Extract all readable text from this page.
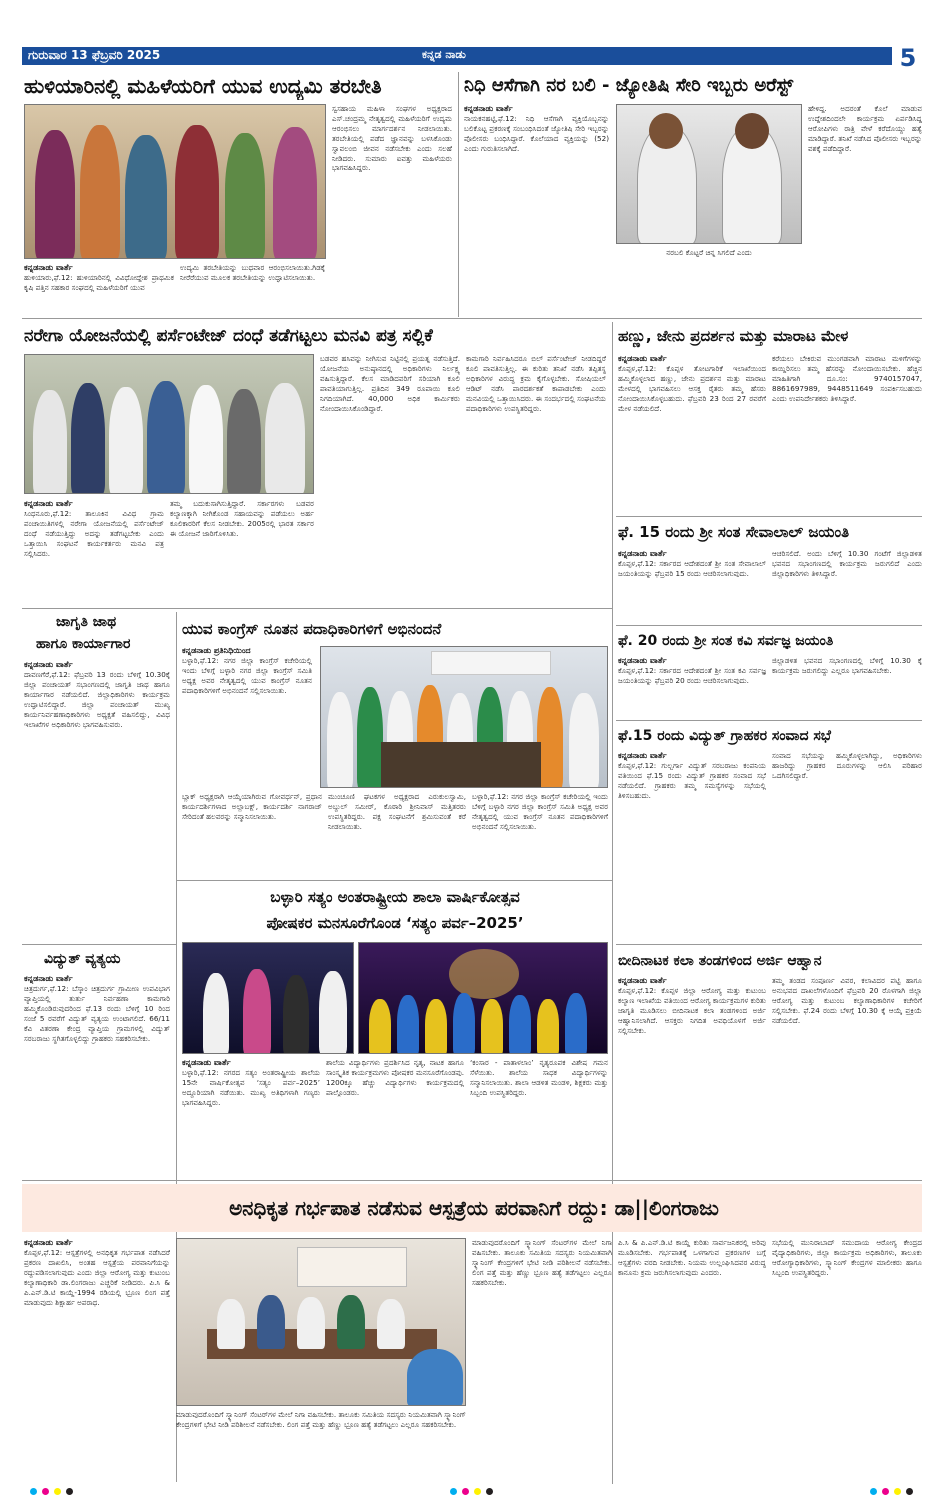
ಗುರುವಾರ 13 ಫೆಬ್ರವರಿ 2025	ಕನ್ನಡ ನಾಡು	5
ಹುಳಿಯಾರಿನಲ್ಲಿ ಮಹಿಳೆಯರಿಗೆ ಯುವ ಉದ್ಯಮಿ ತರಬೇತಿ
ಕನ್ನಡನಾಡು ವಾರ್ತೆ
ಹುಳಿಯಾರು,ಫೆ.12: ಹುಳಿಯಾರಿನಲ್ಲಿ ವಿವಿಧೋದ್ದೇಶ ಪ್ರಾಥಮಿಕ ಕೃಷಿ ಪತ್ತಿನ ಸಹಕಾರ ಸಂಘದಲ್ಲಿ ಮಹಿಳೆಯರಿಗೆ ಯುವ
ಉದ್ಯಮಿ ತರಬೇತಿಯನ್ನು ಬುಧವಾರ ಆರಂಭಿಸಲಾಯಿತು.ಗಿಡಕ್ಕೆ ನೀರೆರೆಯುವ ಮೂಲಕ ತರಬೇತಿಯನ್ನು ಉದ್ಘಾಟಿಸಲಾಯಿತು.
ಸ್ವಸಹಾಯ ಮಹಿಳಾ ಸಂಘಗಳ ಅಧ್ಯಕ್ಷರಾದ ಎಸ್.ಚಂದ್ರಮ್ಮ ನೇತೃತ್ವದಲ್ಲಿ ಮಹಿಳೆಯರಿಗೆ ಉದ್ಯಮ ಆರಂಭಿಸಲು ಮಾರ್ಗದರ್ಶನ ನೀಡಲಾಯಿತು. ತರಬೇತಿಯಲ್ಲಿ ಪಡೆದ ಜ್ಞಾನವನ್ನು ಬಳಸಿಕೊಂಡು ಸ್ವಾವಲಂಬಿ ಜೀವನ ನಡೆಸಬೇಕು ಎಂದು ಸಲಹೆ ನೀಡಿದರು. ಸುಮಾರು ಐವತ್ತು ಮಹಿಳೆಯರು ಭಾಗವಹಿಸಿದ್ದರು.
ನಿಧಿ ಆಸೆಗಾಗಿ ನರ ಬಲಿ - ಜ್ಯೋತಿಷಿ ಸೇರಿ ಇಬ್ಬರು ಅರೆಸ್ಟ್
ಕನ್ನಡನಾಡು ವಾರ್ತೆ
ನಾಯಕನಹಟ್ಟಿ,ಫೆ.12: ನಿಧಿ ಆಸೆಗಾಗಿ ವ್ಯಕ್ತಿಯೊಬ್ಬನನ್ನು ಬಲಿಕೊಟ್ಟ ಪ್ರಕರಣಕ್ಕೆ ಸಂಬಂಧಿಸಿದಂತೆ ಜ್ಯೋತಿಷಿ ಸೇರಿ ಇಬ್ಬರನ್ನು ಪೊಲೀಸರು ಬಂಧಿಸಿದ್ದಾರೆ. ಕೊಲೆಯಾದ ವ್ಯಕ್ತಿಯನ್ನು (52) ಎಂದು ಗುರುತಿಸಲಾಗಿದೆ.
ನರಬಲಿ ಕೊಟ್ಟರೆ ಚಿನ್ನ ಸಿಗಲಿದೆ ಎಂದು
ಹೇಳಿದ್ದ. ಅದರಂತೆ ಕೊಲೆ ಮಾಡುವ ಉದ್ದೇಶದಿಂದಲೇ ಕಾರ್ಯಕ್ರಮ ಏರ್ಪಡಿಸಿದ್ದ ಆರೋಪಿಗಳು ರಾತ್ರಿ ವೇಳೆ ಕರೆದೊಯ್ದು ಹತ್ಯೆ ಮಾಡಿದ್ದಾರೆ. ತನಿಖೆ ನಡೆಸಿದ ಪೊಲೀಸರು ಇಬ್ಬರನ್ನು ವಶಕ್ಕೆ ಪಡೆದಿದ್ದಾರೆ.
ನರೇಗಾ ಯೋಜನೆಯಲ್ಲಿ ಪರ್ಸೆಂಟೇಜ್ ದಂಧೆ ತಡೆಗಟ್ಟಲು ಮನವಿ ಪತ್ರ ಸಲ್ಲಿಕೆ
ಕನ್ನಡನಾಡು ವಾರ್ತೆ
ಸಿಂಧನೂರು,ಫೆ.12: ತಾಲೂಕಿನ ವಿವಿಧ ಗ್ರಾಮ ಪಂಚಾಯಿತಿಗಳಲ್ಲಿ ನರೇಗಾ ಯೋಜನೆಯಲ್ಲಿ ಪರ್ಸೆಂಟೇಜ್ ದಂಧೆ ನಡೆಯುತ್ತಿದ್ದು ಅದನ್ನು ತಡೆಗಟ್ಟಬೇಕು ಎಂದು ಒತ್ತಾಯಿಸಿ ಸಂಘಟನೆ ಕಾರ್ಯಕರ್ತರು ಮನವಿ ಪತ್ರ ಸಲ್ಲಿಸಿದರು.
ತಮ್ಮ ಬದುಕುಸಾಗಿಸುತ್ತಿದ್ದಾರೆ. ಸರ್ಕಾರಗಳು ಬಡವರ ಕಲ್ಯಾಣಕ್ಕಾಗಿ ನೀಗಿಕೊಂಡ ಸಹಾಯವನ್ನು ಪಡೆಯಲು ಅರ್ಹ ಕೂಲಿಕಾರರಿಗೆ ಕೆಲಸ ನೀಡಬೇಕು. 2005ರಲ್ಲಿ ಭಾರತ ಸರ್ಕಾರ ಈ ಯೋಜನೆ ಜಾರಿಗೊಳಿಸಿತು.
ಬಡವರ ಹಸಿವನ್ನು ನೀಗಿಸುವ ನಿಟ್ಟಿನಲ್ಲಿ ಪ್ರಯತ್ನ ನಡೆಸುತ್ತಿದೆ. ಯೋಜನೆಯ ಅನುಷ್ಠಾನದಲ್ಲಿ ಅಧಿಕಾರಿಗಳು ನಿರ್ಲಕ್ಷ್ಯ ವಹಿಸುತ್ತಿದ್ದಾರೆ. ಕೆಲಸ ಮಾಡಿದವರಿಗೆ ಸರಿಯಾಗಿ ಕೂಲಿ ಪಾವತಿಯಾಗುತ್ತಿಲ್ಲ. ಪ್ರತಿದಿನ 349 ರೂಪಾಯಿ ಕೂಲಿ ನಿಗದಿಯಾಗಿದೆ. 40,000 ಅಧಿಕ ಕಾರ್ಮಿಕರು ನೋಂದಾಯಿಸಿಕೊಂಡಿದ್ದಾರೆ.
ಕಾಮಗಾರಿ ನಿರ್ವಹಿಸಿದರೂ ಬಿಲ್ ಪರ್ಸೆಂಟೇಜ್ ನೀಡದಿದ್ದರೆ ಕೂಲಿ ಪಾವತಿಸುತ್ತಿಲ್ಲ. ಈ ಕುರಿತು ತನಿಖೆ ನಡೆಸಿ ತಪ್ಪಿತಸ್ಥ ಅಧಿಕಾರಿಗಳ ವಿರುದ್ಧ ಕ್ರಮ ಕೈಗೊಳ್ಳಬೇಕು. ಸೋಷಿಯಲ್ ಆಡಿಟ್ ನಡೆಸಿ ಪಾರದರ್ಶಕತೆ ಕಾಪಾಡಬೇಕು ಎಂದು ಮನವಿಯಲ್ಲಿ ಒತ್ತಾಯಿಸಿದರು. ಈ ಸಂದರ್ಭದಲ್ಲಿ ಸಂಘಟನೆಯ ಪದಾಧಿಕಾರಿಗಳು ಉಪಸ್ಥಿತರಿದ್ದರು.
ಹಣ್ಣು, ಜೇನು ಪ್ರದರ್ಶನ ಮತ್ತು ಮಾರಾಟ ಮೇಳ
ಕನ್ನಡನಾಡು ವಾರ್ತೆ
ಕೊಪ್ಪಳ,ಫೆ.12: ಕೊಪ್ಪಳ ತೋಟಗಾರಿಕೆ ಇಲಾಖೆಯಿಂದ ಹಮ್ಮಿಕೊಳ್ಳಲಾದ ಹಣ್ಣು, ಜೇನು ಪ್ರದರ್ಶನ ಮತ್ತು ಮಾರಾಟ ಮೇಳದಲ್ಲಿ ಭಾಗವಹಿಸಲು ಆಸಕ್ತ ರೈತರು ತಮ್ಮ ಹೆಸರು ನೋಂದಾಯಿಸಿಕೊಳ್ಳಬಹುದು. ಫೆಬ್ರವರಿ 23 ರಿಂದ 27 ರವರೆಗೆ ಮೇಳ ನಡೆಯಲಿದೆ.
ಕರೆಯಲು ಬೇಕಿರುವ ಮುಂಗಡವಾಗಿ ಮಾರಾಟ ಮಳಿಗೆಗಳನ್ನು ಕಾಯ್ದಿರಿಸಲು ತಮ್ಮ ಹೆಸರನ್ನು ನೋಂದಾಯಿಸಬೇಕು. ಹೆಚ್ಚಿನ ಮಾಹಿತಿಗಾಗಿ ದೂ.ಸಂ: 9740157047, 8861697989, 9448511649 ಸಂಪರ್ಕಿಸಬಹುದು ಎಂದು ಉಪನಿರ್ದೇಶಕರು ತಿಳಿಸಿದ್ದಾರೆ.
ಫೆ. 15 ರಂದು ಶ್ರೀ ಸಂತ ಸೇವಾಲಾಲ್ ಜಯಂತಿ
ಕನ್ನಡನಾಡು ವಾರ್ತೆ
ಕೊಪ್ಪಳ,ಫೆ.12: ಸರ್ಕಾರದ ಆದೇಶದಂತೆ ಶ್ರೀ ಸಂತ ಸೇವಾಲಾಲ್ ಜಯಂತಿಯನ್ನು ಫೆಬ್ರವರಿ 15 ರಂದು ಆಚರಿಸಲಾಗುವುದು.
ಆಚರಿಸಲಿದೆ. ಅಂದು ಬೆಳಿಗ್ಗೆ 10.30 ಗಂಟೆಗೆ ಜಿಲ್ಲಾಡಳಿತ ಭವನದ ಸಭಾಂಗಣದಲ್ಲಿ ಕಾರ್ಯಕ್ರಮ ಜರುಗಲಿದೆ ಎಂದು ಜಿಲ್ಲಾಧಿಕಾರಿಗಳು ತಿಳಿಸಿದ್ದಾರೆ.
ಫೆ. 20 ರಂದು ಶ್ರೀ ಸಂತ ಕವಿ ಸರ್ವಜ್ಞ ಜಯಂತಿ
ಕನ್ನಡನಾಡು ವಾರ್ತೆ
ಕೊಪ್ಪಳ,ಫೆ.12: ಸರ್ಕಾರದ ಆದೇಶದಂತೆ ಶ್ರೀ ಸಂತ ಕವಿ ಸರ್ವಜ್ಞ ಜಯಂತಿಯನ್ನು ಫೆಬ್ರವರಿ 20 ರಂದು ಆಚರಿಸಲಾಗುವುದು.
ಜಿಲ್ಲಾಡಳಿತ ಭವನದ ಸಭಾಂಗಣದಲ್ಲಿ ಬೆಳಿಗ್ಗೆ 10.30 ಕ್ಕೆ ಕಾರ್ಯಕ್ರಮ ಜರುಗಲಿದ್ದು ಎಲ್ಲರೂ ಭಾಗವಹಿಸಬೇಕು.
ಫೆ.15 ರಂದು ವಿದ್ಯುತ್ ಗ್ರಾಹಕರ ಸಂವಾದ ಸಭೆ
ಕನ್ನಡನಾಡು ವಾರ್ತೆ
ಕೊಪ್ಪಳ,ಫೆ.12: ಗುಲ್ಬರ್ಗಾ ವಿದ್ಯುತ್ ಸರಬರಾಜು ಕಂಪನಿಯ ವತಿಯಿಂದ ಫೆ.15 ರಂದು ವಿದ್ಯುತ್ ಗ್ರಾಹಕರ ಸಂವಾದ ಸಭೆ ನಡೆಯಲಿದೆ. ಗ್ರಾಹಕರು ತಮ್ಮ ಸಮಸ್ಯೆಗಳನ್ನು ಸಭೆಯಲ್ಲಿ ತಿಳಿಸಬಹುದು.
ಸಂವಾದ ಸಭೆಯನ್ನು ಹಮ್ಮಿಕೊಳ್ಳಲಾಗಿದ್ದು, ಅಧಿಕಾರಿಗಳು ಹಾಜರಿದ್ದು ಗ್ರಾಹಕರ ದೂರುಗಳನ್ನು ಆಲಿಸಿ ಪರಿಹಾರ ಒದಗಿಸಲಿದ್ದಾರೆ.
ಜಾಗೃತಿ ಜಾಥ
ಹಾಗೂ ಕಾರ್ಯಾಗಾರ
ಕನ್ನಡನಾಡು ವಾರ್ತೆ
ದಾವಣಗೆರೆ,ಫೆ.12: ಫೆಬ್ರವರಿ 13 ರಂದು ಬೆಳಿಗ್ಗೆ 10.30ಕ್ಕೆ ಜಿಲ್ಲಾ ಪಂಚಾಯತ್ ಸಭಾಂಗಣದಲ್ಲಿ ಜಾಗೃತಿ ಜಾಥ ಹಾಗೂ ಕಾರ್ಯಾಗಾರ ನಡೆಯಲಿದೆ. ಜಿಲ್ಲಾಧಿಕಾರಿಗಳು ಕಾರ್ಯಕ್ರಮ ಉದ್ಘಾಟಿಸಲಿದ್ದಾರೆ. ಜಿಲ್ಲಾ ಪಂಚಾಯತ್ ಮುಖ್ಯ ಕಾರ್ಯನಿರ್ವಹಣಾಧಿಕಾರಿಗಳು ಅಧ್ಯಕ್ಷತೆ ವಹಿಸಲಿದ್ದು, ವಿವಿಧ ಇಲಾಖೆಗಳ ಅಧಿಕಾರಿಗಳು ಭಾಗವಹಿಸುವರು.
ಯುವ ಕಾಂಗ್ರೆಸ್ ನೂತನ ಪದಾಧಿಕಾರಿಗಳಿಗೆ ಅಭಿನಂದನೆ
ಕನ್ನಡನಾಡು ಪ್ರತಿನಿಧಿಯಿಂದ
ಬಳ್ಳಾರಿ,ಫೆ.12: ನಗರ ಜಿಲ್ಲಾ ಕಾಂಗ್ರೆಸ್ ಕಚೇರಿಯಲ್ಲಿ ಇಂದು ಬೆಳಿಗ್ಗೆ ಬಳ್ಳಾರಿ ನಗರ ಜಿಲ್ಲಾ ಕಾಂಗ್ರೆಸ್ ಸಮಿತಿ ಅಧ್ಯಕ್ಷ ಅವರ ನೇತೃತ್ವದಲ್ಲಿ ಯುವ ಕಾಂಗ್ರೆಸ್ ನೂತನ ಪದಾಧಿಕಾರಿಗಳಿಗೆ ಅಭಿನಂದನೆ ಸಲ್ಲಿಸಲಾಯಿತು.
ಬ್ಲಾಕ್ ಅಧ್ಯಕ್ಷರಾಗಿ ಆಯ್ಕೆಯಾಗಿರುವ ಗೋವರ್ಧನ್, ಪ್ರಧಾನ ಕಾರ್ಯದರ್ಶಿಗಳಾದ ಅಲ್ಲಾಬಕ್ಷ್, ಕಾರ್ಯದರ್ಶಿ ನಾಗರಾಜ್ ಸೇರಿದಂತೆ ಹಲವರನ್ನು ಸನ್ಮಾನಿಸಲಾಯಿತು.
ಮುಂಚೂಣಿ ಘಟಕಗಳ ಅಧ್ಯಕ್ಷರಾದ ಎರುಕುಲಸ್ವಾಮಿ, ಅಬ್ದುಲ್ ಸಮೀರ್, ಕೊಠಾರಿ ಶ್ರೀನಿವಾಸ್ ಮತ್ತಿತರರು ಉಪಸ್ಥಿತರಿದ್ದರು. ಪಕ್ಷ ಸಂಘಟನೆಗೆ ಶ್ರಮಿಸುವಂತೆ ಕರೆ ನೀಡಲಾಯಿತು.
ಬಳ್ಳಾರಿ,ಫೆ.12: ನಗರ ಜಿಲ್ಲಾ ಕಾಂಗ್ರೆಸ್ ಕಚೇರಿಯಲ್ಲಿ ಇಂದು ಬೆಳಿಗ್ಗೆ ಬಳ್ಳಾರಿ ನಗರ ಜಿಲ್ಲಾ ಕಾಂಗ್ರೆಸ್ ಸಮಿತಿ ಅಧ್ಯಕ್ಷ ಅವರ ನೇತೃತ್ವದಲ್ಲಿ ಯುವ ಕಾಂಗ್ರೆಸ್ ನೂತನ ಪದಾಧಿಕಾರಿಗಳಿಗೆ ಅಭಿನಂದನೆ ಸಲ್ಲಿಸಲಾಯಿತು.
ಬಳ್ಳಾರಿ ಸತ್ಯಂ ಅಂತರಾಷ್ಟ್ರೀಯ ಶಾಲಾ ವಾರ್ಷಿಕೋತ್ಸವ
ಪೋಷಕರ ಮನಸೂರೆಗೊಂಡ ‘ಸತ್ಯಂ ಪರ್ವ–2025’
ಕನ್ನಡನಾಡು ವಾರ್ತೆ
ಬಳ್ಳಾರಿ,ಫೆ.12: ನಗರದ ಸತ್ಯಂ ಅಂತರಾಷ್ಟ್ರೀಯ ಶಾಲೆಯ 15ನೇ ವಾರ್ಷಿಕೋತ್ಸವ ‘ಸತ್ಯಂ ಪರ್ವ–2025’ ಅದ್ದೂರಿಯಾಗಿ ನಡೆಯಿತು. ಮುಖ್ಯ ಅತಿಥಿಗಳಾಗಿ ಗಣ್ಯರು ಭಾಗವಹಿಸಿದ್ದರು.
ಶಾಲೆಯ ವಿದ್ಯಾರ್ಥಿಗಳು ಪ್ರದರ್ಶಿಸಿದ ನೃತ್ಯ, ನಾಟಕ ಹಾಗೂ ಸಾಂಸ್ಕೃತಿಕ ಕಾರ್ಯಕ್ರಮಗಳು ಪೋಷಕರ ಮನಸೂರೆಗೊಂಡವು. 1200ಕ್ಕೂ ಹೆಚ್ಚು ವಿದ್ಯಾರ್ಥಿಗಳು ಕಾರ್ಯಕ್ರಮದಲ್ಲಿ ಪಾಲ್ಗೊಂಡರು.
‘ಕಂಸಾರ - ಪಾತಾಳಲಾಂ’ ನೃತ್ಯರೂಪಕ ವಿಶೇಷ ಗಮನ ಸೆಳೆಯಿತು. ಶಾಲೆಯ ಸಾಧಕ ವಿದ್ಯಾರ್ಥಿಗಳನ್ನು ಸನ್ಮಾನಿಸಲಾಯಿತು. ಶಾಲಾ ಆಡಳಿತ ಮಂಡಳಿ, ಶಿಕ್ಷಕರು ಮತ್ತು ಸಿಬ್ಬಂದಿ ಉಪಸ್ಥಿತರಿದ್ದರು.
ವಿದ್ಯುತ್ ವ್ಯತ್ಯಯ
ಕನ್ನಡನಾಡು ವಾರ್ತೆ
ಚಿತ್ರದುರ್ಗ,ಫೆ.12: ಬೆಸ್ಕಾಂ ಚಿತ್ರದುರ್ಗ ಗ್ರಾಮೀಣ ಉಪವಿಭಾಗ ವ್ಯಾಪ್ತಿಯಲ್ಲಿ ತುರ್ತು ನಿರ್ವಹಣಾ ಕಾಮಗಾರಿ ಹಮ್ಮಿಕೊಂಡಿರುವುದರಿಂದ ಫೆ.13 ರಂದು ಬೆಳಿಗ್ಗೆ 10 ರಿಂದ ಸಂಜೆ 5 ರವರೆಗೆ ವಿದ್ಯುತ್ ವ್ಯತ್ಯಯ ಉಂಟಾಗಲಿದೆ. 66/11 ಕೆವಿ ವಿತರಣಾ ಕೇಂದ್ರ ವ್ಯಾಪ್ತಿಯ ಗ್ರಾಮಗಳಲ್ಲಿ ವಿದ್ಯುತ್ ಸರಬರಾಜು ಸ್ಥಗಿತಗೊಳ್ಳಲಿದ್ದು ಗ್ರಾಹಕರು ಸಹಕರಿಸಬೇಕು.
ಬೀದಿನಾಟಕ ಕಲಾ ತಂಡಗಳಿಂದ ಅರ್ಜಿ ಆಹ್ವಾನ
ಕನ್ನಡನಾಡು ವಾರ್ತೆ
ಕೊಪ್ಪಳ,ಫೆ.12: ಕೊಪ್ಪಳ ಜಿಲ್ಲಾ ಆರೋಗ್ಯ ಮತ್ತು ಕುಟುಂಬ ಕಲ್ಯಾಣ ಇಲಾಖೆಯ ವತಿಯಿಂದ ಆರೋಗ್ಯ ಕಾರ್ಯಕ್ರಮಗಳ ಕುರಿತು ಜಾಗೃತಿ ಮೂಡಿಸಲು ಬೀದಿನಾಟಕ ಕಲಾ ತಂಡಗಳಿಂದ ಅರ್ಜಿ ಆಹ್ವಾನಿಸಲಾಗಿದೆ. ಆಸಕ್ತರು ನಿಗದಿತ ಅವಧಿಯೊಳಗೆ ಅರ್ಜಿ ಸಲ್ಲಿಸಬೇಕು.
ತಮ್ಮ ತಂಡದ ಸಂಪೂರ್ಣ ವಿವರ, ಕಲಾವಿದರ ಪಟ್ಟಿ ಹಾಗೂ ಅನುಭವದ ದಾಖಲೆಗಳೊಂದಿಗೆ ಫೆಬ್ರವರಿ 20 ರೊಳಗಾಗಿ ಜಿಲ್ಲಾ ಆರೋಗ್ಯ ಮತ್ತು ಕುಟುಂಬ ಕಲ್ಯಾಣಾಧಿಕಾರಿಗಳ ಕಚೇರಿಗೆ ಸಲ್ಲಿಸಬೇಕು. ಫೆ.24 ರಂದು ಬೆಳಿಗ್ಗೆ 10.30 ಕ್ಕೆ ಆಯ್ಕೆ ಪ್ರಕ್ರಿಯೆ ನಡೆಯಲಿದೆ.
ಅನಧಿಕೃತ ಗರ್ಭಪಾತ ನಡೆಸುವ ಆಸ್ಪತ್ರೆಯ ಪರವಾನಿಗೆ ರದ್ದು: ಡಾ||ಲಿಂಗರಾಜು
ಕನ್ನಡನಾಡು ವಾರ್ತೆ
ಕೊಪ್ಪಳ,ಫೆ.12: ಆಸ್ಪತ್ರೆಗಳಲ್ಲಿ ಅನಧಿಕೃತ ಗರ್ಭಪಾತ ನಡೆಸಿದರೆ ಪ್ರಕರಣ ದಾಖಲಿಸಿ, ಅಂತಹ ಆಸ್ಪತ್ರೆಯ ಪರವಾನಿಗೆಯನ್ನು ರದ್ದುಪಡಿಸಲಾಗುವುದು ಎಂದು ಜಿಲ್ಲಾ ಆರೋಗ್ಯ ಮತ್ತು ಕುಟುಂಬ ಕಲ್ಯಾಣಾಧಿಕಾರಿ ಡಾ.ಲಿಂಗರಾಜು ಎಚ್ಚರಿಕೆ ನೀಡಿದರು. ಪಿ.ಸಿ & ಪಿ.ಎನ್.ಡಿ.ಟಿ ಕಾಯ್ದೆ-1994 ರಡಿಯಲ್ಲಿ ಭ್ರೂಣ ಲಿಂಗ ಪತ್ತೆ ಮಾಡುವುದು ಶಿಕ್ಷಾರ್ಹ ಅಪರಾಧ.
ಮಾಡುವುದರೊಂದಿಗೆ ಸ್ಕ್ಯಾನಿಂಗ್ ಸೆಂಟರ್‌ಗಳ ಮೇಲೆ ನಿಗಾ ವಹಿಸಬೇಕು. ತಾಲೂಕು ಸಮಿತಿಯ ಸದಸ್ಯರು ನಿಯಮಿತವಾಗಿ ಸ್ಕ್ಯಾನಿಂಗ್ ಕೇಂದ್ರಗಳಿಗೆ ಭೇಟಿ ನೀಡಿ ಪರಿಶೀಲನೆ ನಡೆಸಬೇಕು. ಲಿಂಗ ಪತ್ತೆ ಮತ್ತು ಹೆಣ್ಣು ಭ್ರೂಣ ಹತ್ಯೆ ತಡೆಗಟ್ಟಲು ಎಲ್ಲರೂ ಸಹಕರಿಸಬೇಕು.
ಮಾಡುವುದರೊಂದಿಗೆ ಸ್ಕ್ಯಾನಿಂಗ್ ಸೆಂಟರ್‌ಗಳ ಮೇಲೆ ನಿಗಾ ವಹಿಸಬೇಕು. ತಾಲೂಕು ಸಮಿತಿಯ ಸದಸ್ಯರು ನಿಯಮಿತವಾಗಿ ಸ್ಕ್ಯಾನಿಂಗ್ ಕೇಂದ್ರಗಳಿಗೆ ಭೇಟಿ ನೀಡಿ ಪರಿಶೀಲನೆ ನಡೆಸಬೇಕು. ಲಿಂಗ ಪತ್ತೆ ಮತ್ತು ಹೆಣ್ಣು ಭ್ರೂಣ ಹತ್ಯೆ ತಡೆಗಟ್ಟಲು ಎಲ್ಲರೂ ಸಹಕರಿಸಬೇಕು.
ಪಿ.ಸಿ & ಪಿ.ಎನ್.ಡಿ.ಟಿ ಕಾಯ್ದೆ ಕುರಿತು ಸಾರ್ವಜನಿಕರಲ್ಲಿ ಅರಿವು ಮೂಡಿಸಬೇಕು. ಗರ್ಭಪಾತಕ್ಕೆ ಒಳಗಾಗುವ ಪ್ರಕರಣಗಳ ಬಗ್ಗೆ ಆಸ್ಪತ್ರೆಗಳು ವರದಿ ನೀಡಬೇಕು. ನಿಯಮ ಉಲ್ಲಂಘಿಸಿದವರ ವಿರುದ್ಧ ಕಾನೂನು ಕ್ರಮ ಜರುಗಿಸಲಾಗುವುದು ಎಂದರು.
ಸಭೆಯಲ್ಲಿ ಮುನಿರಾಬಾದ್ ಸಮುದಾಯ ಆರೋಗ್ಯ ಕೇಂದ್ರದ ವೈದ್ಯಾಧಿಕಾರಿಗಳು, ಜಿಲ್ಲಾ ಕಾರ್ಯಕ್ರಮ ಅಧಿಕಾರಿಗಳು, ತಾಲೂಕು ಆರೋಗ್ಯಾಧಿಕಾರಿಗಳು, ಸ್ಕ್ಯಾನಿಂಗ್ ಕೇಂದ್ರಗಳ ಮಾಲೀಕರು ಹಾಗೂ ಸಿಬ್ಬಂದಿ ಉಪಸ್ಥಿತರಿದ್ದರು.
